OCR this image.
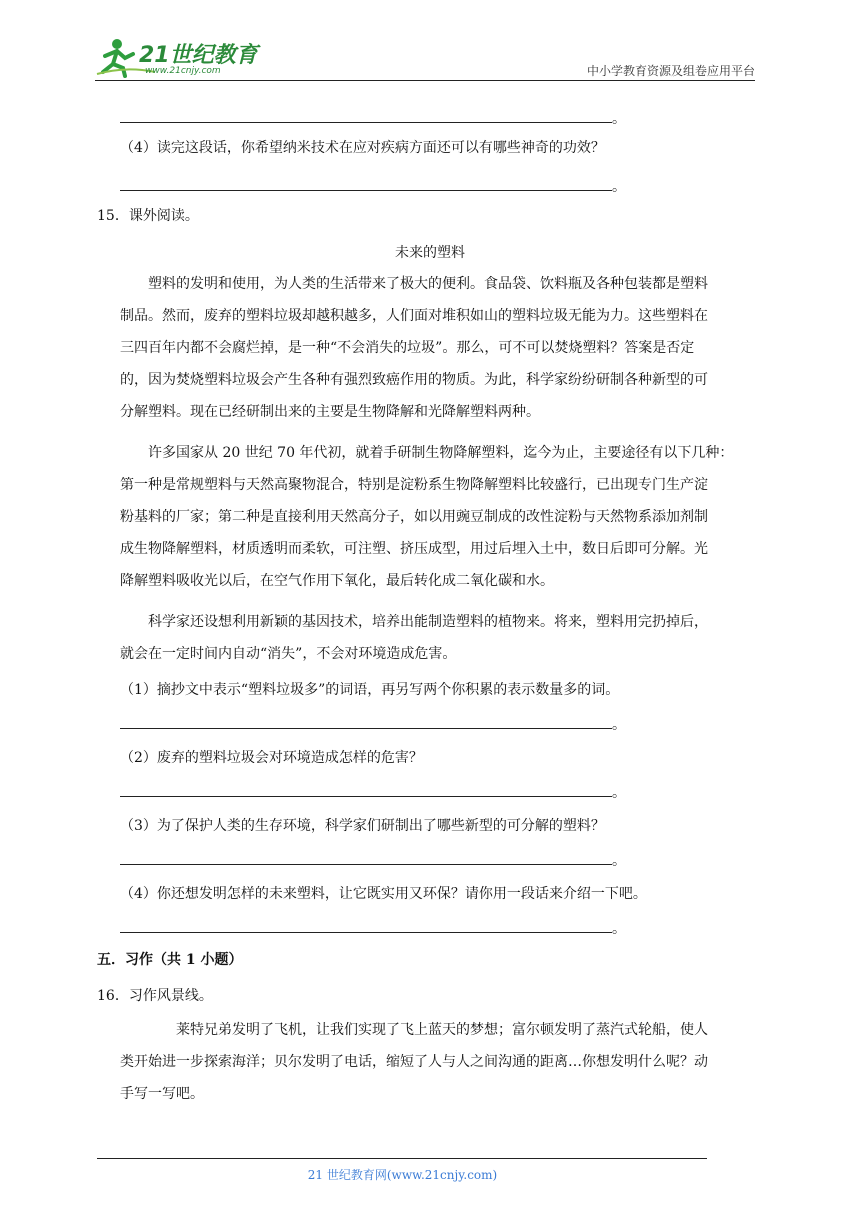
21世纪教育
www.21cnjy.com	中小学教育资源及组卷应用平台
。
（4）读完这段话，你希望纳米技术在应对疾病方面还可以有哪些神奇的功效？
。
15．课外阅读。
未来的塑料
塑料的发明和使用，为人类的生活带来了极大的便利。食品袋、饮料瓶及各种包装都是塑料
制品。然而，废弃的塑料垃圾却越积越多，人们面对堆积如山的塑料垃圾无能为力。这些塑料在
三四百年内都不会腐烂掉，是一种“不会消失的垃圾”。那么，可不可以焚烧塑料？答案是否定
的，因为焚烧塑料垃圾会产生各种有强烈致癌作用的物质。为此，科学家纷纷研制各种新型的可
分解塑料。现在已经研制出来的主要是生物降解和光降解塑料两种。
许多国家从 20 世纪 70 年代初，就着手研制生物降解塑料，迄今为止，主要途径有以下几种：
第一种是常规塑料与天然高聚物混合，特别是淀粉系生物降解塑料比较盛行，已出现专门生产淀
粉基料的厂家；第二种是直接利用天然高分子，如以用豌豆制成的改性淀粉与天然物系添加剂制
成生物降解塑料，材质透明而柔软，可注塑、挤压成型，用过后埋入土中，数日后即可分解。光
降解塑料吸收光以后，在空气作用下氧化，最后转化成二氧化碳和水。
科学家还设想利用新颖的基因技术，培养出能制造塑料的植物来。将来，塑料用完扔掉后，
就会在一定时间内自动“消失”，不会对环境造成危害。
（1）摘抄文中表示“塑料垃圾多”的词语，再另写两个你积累的表示数量多的词。
。
（2）废弃的塑料垃圾会对环境造成怎样的危害？
。
（3）为了保护人类的生存环境，科学家们研制出了哪些新型的可分解的塑料？
。
（4）你还想发明怎样的未来塑料，让它既实用又环保？请你用一段话来介绍一下吧。
。
五．习作（共 1 小题）
16．习作风景线。
莱特兄弟发明了飞机，让我们实现了飞上蓝天的梦想；富尔顿发明了蒸汽式轮船，使人
类开始进一步探索海洋；贝尔发明了电话，缩短了人与人之间沟通的距离…你想发明什么呢？动
手写一写吧。
21 世纪教育网(www.21cnjy.com)
